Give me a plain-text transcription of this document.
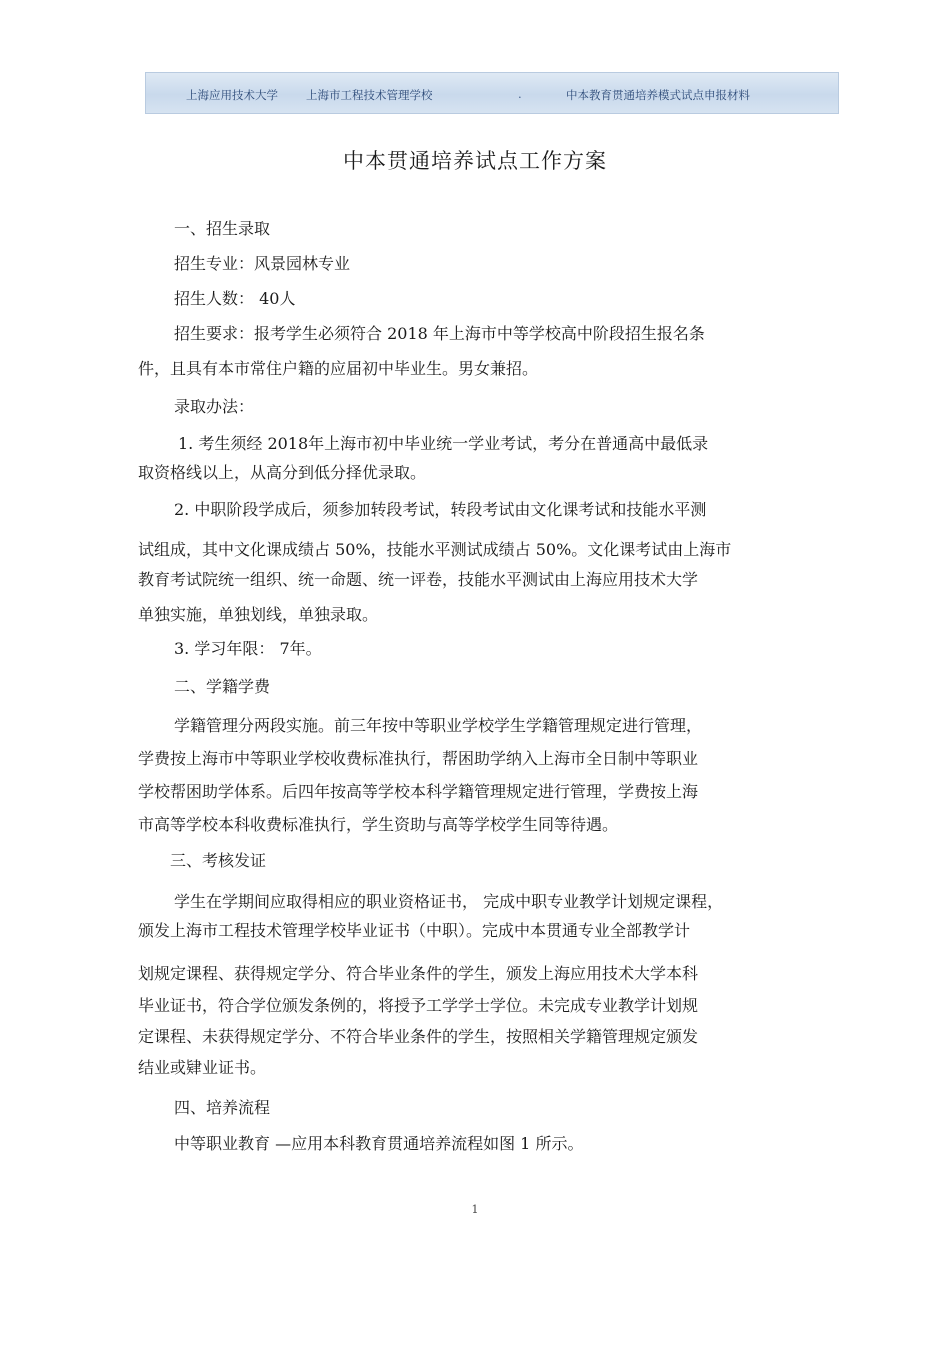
上海应用技术大学 上海市工程技术管理学校	.	中本教育贯通培养模式试点申报材料
中本贯通培养试点工作方案
一、招生录取
招生专业：风景园林专业
招生人数： 40人
招生要求：报考学生必须符合 2018 年上海市中等学校高中阶段招生报名条
件，且具有本市常住户籍的应届初中毕业生。男女兼招。
录取办法：
1. 考生须经 2018年上海市初中毕业统一学业考试，考分在普通高中最低录
取资格线以上，从高分到低分择优录取。
2. 中职阶段学成后，须参加转段考试，转段考试由文化课考试和技能水平测
试组成，其中文化课成绩占 50%，技能水平测试成绩占 50%。文化课考试由上海市
教育考试院统一组织、统一命题、统一评卷，技能水平测试由上海应用技术大学
单独实施，单独划线，单独录取。
3. 学习年限： 7年。
二、学籍学费
学籍管理分两段实施。前三年按中等职业学校学生学籍管理规定进行管理，
学费按上海市中等职业学校收费标准执行，帮困助学纳入上海市全日制中等职业
学校帮困助学体系。后四年按高等学校本科学籍管理规定进行管理，学费按上海
市高等学校本科收费标准执行，学生资助与高等学校学生同等待遇。
三、考核发证
学生在学期间应取得相应的职业资格证书， 完成中职专业教学计划规定课程，
颁发上海市工程技术管理学校毕业证书（中职）。完成中本贯通专业全部教学计
划规定课程、获得规定学分、符合毕业条件的学生，颁发上海应用技术大学本科
毕业证书，符合学位颁发条例的，将授予工学学士学位。未完成专业教学计划规
定课程、未获得规定学分、不符合毕业条件的学生，按照相关学籍管理规定颁发
结业或肄业证书。
四、培养流程
中等职业教育 —应用本科教育贯通培养流程如图 1 所示。
1
